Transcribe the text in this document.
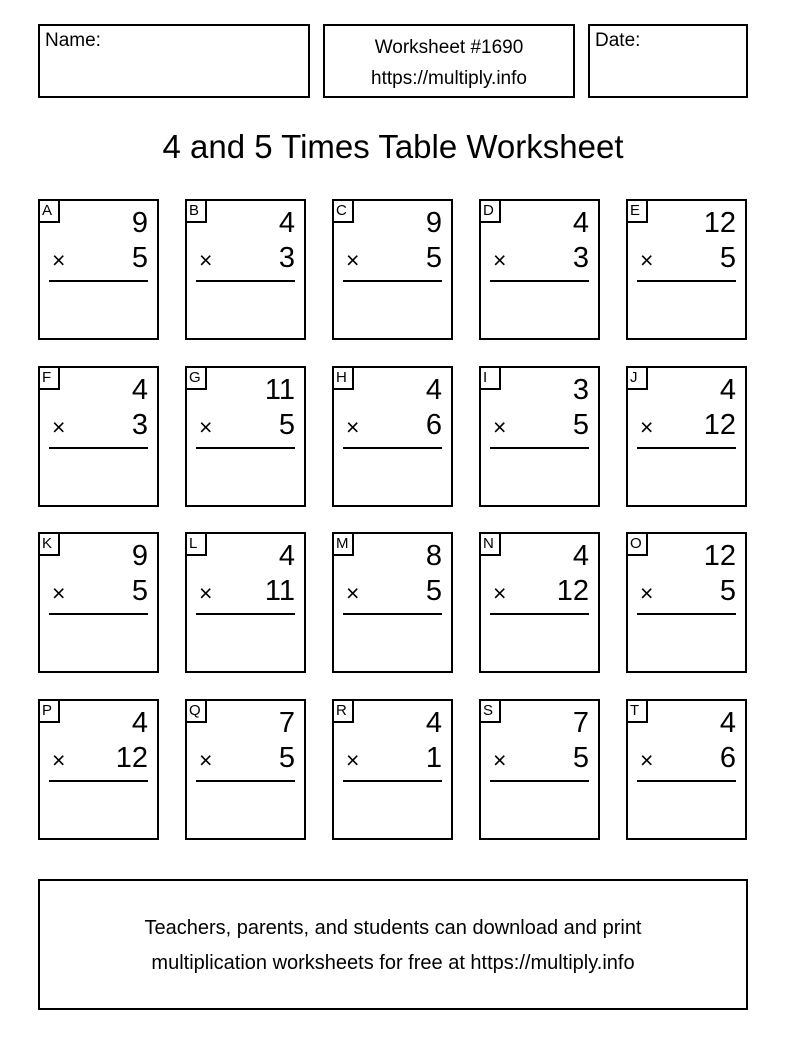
Name:	Worksheet #1690
https://multiply.info
Date:
4 and 5 Times Table Worksheet
A	9
× 5
B	4
× 3
C	9
× 5
D	4
× 3
E 12
× 5
F	4
× 3
G 11
× 5
H	4
× 6
I	3
× 5
J	4
× 12
K	9
× 5
L	4
× 11
M	8
× 5
N	4
× 12
O 12
× 5
P	4
× 12
Q	7
× 5
R	4
× 1
S	7
× 5
T	4
× 6
Teachers, parents, and students can download and print
multiplication worksheets for free at https://multiply.info
